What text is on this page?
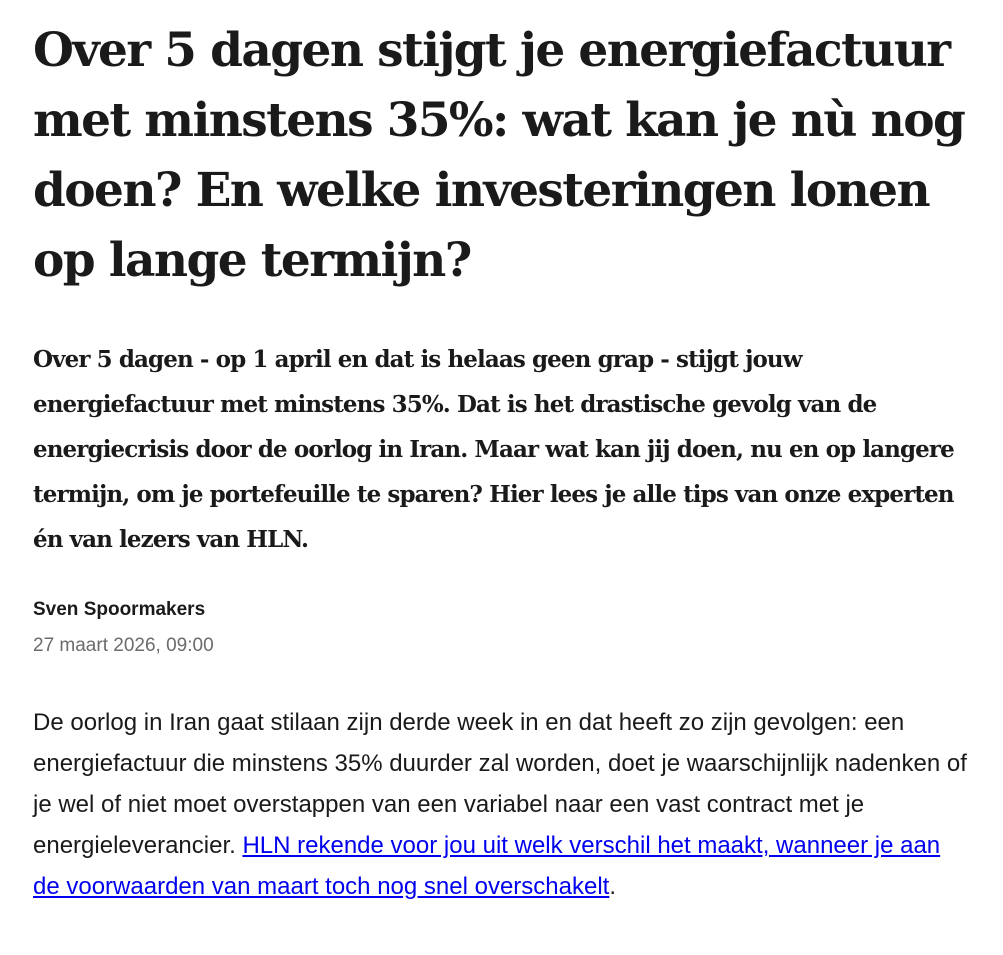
Over 5 dagen stijgt je energiefactuur met minstens 35%: wat kan je nù nog doen? En welke investeringen lonen op lange termijn?

Over 5 dagen - op 1 april en dat is helaas geen grap - stijgt jouw energiefactuur met minstens 35%. Dat is het drastische gevolg van de energiecrisis door de oorlog in Iran. Maar wat kan jij doen, nu en op langere termijn, om je portefeuille te sparen? Hier lees je alle tips van onze experten én van lezers van HLN.

Sven Spoormakers
27 maart 2026, 09:00

De oorlog in Iran gaat stilaan zijn derde week in en dat heeft zo zijn gevolgen: een energiefactuur die minstens 35% duurder zal worden, doet je waarschijnlijk nadenken of je wel of niet moet overstappen van een variabel naar een vast contract met je energieleverancier. HLN rekende voor jou uit welk verschil het maakt, wanneer je aan de voorwaarden van maart toch nog snel overschakelt.
